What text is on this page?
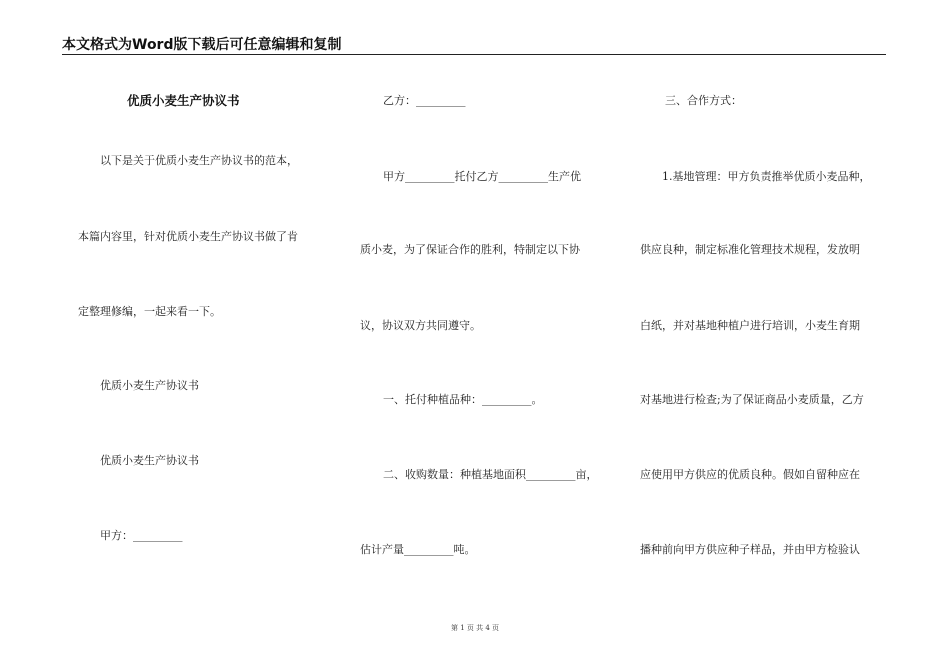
本文格式为Word版下载后可任意编辑和复制
优质小麦生产协议书
以下是关于优质小麦生产协议书的范本，
本篇内容里，针对优质小麦生产协议书做了肯
定整理修编，一起来看一下。
优质小麦生产协议书
优质小麦生产协议书
甲方：_________
乙方：_________
甲方_________托付乙方_________生产优
质小麦，为了保证合作的胜利，特制定以下协
议，协议双方共同遵守。
一、托付种植品种：_________。
二、收购数量：种植基地面积_________亩，
估计产量_________吨。
三、合作方式：
1.基地管理：甲方负责推举优质小麦品种，
供应良种，制定标准化管理技术规程，发放明
白纸，并对基地种植户进行培训，小麦生育期
对基地进行检查;为了保证商品小麦质量，乙方
应使用甲方供应的优质良种。假如自留种应在
播种前向甲方供应种子样品，并由甲方检验认
第 1 页 共 4 页
